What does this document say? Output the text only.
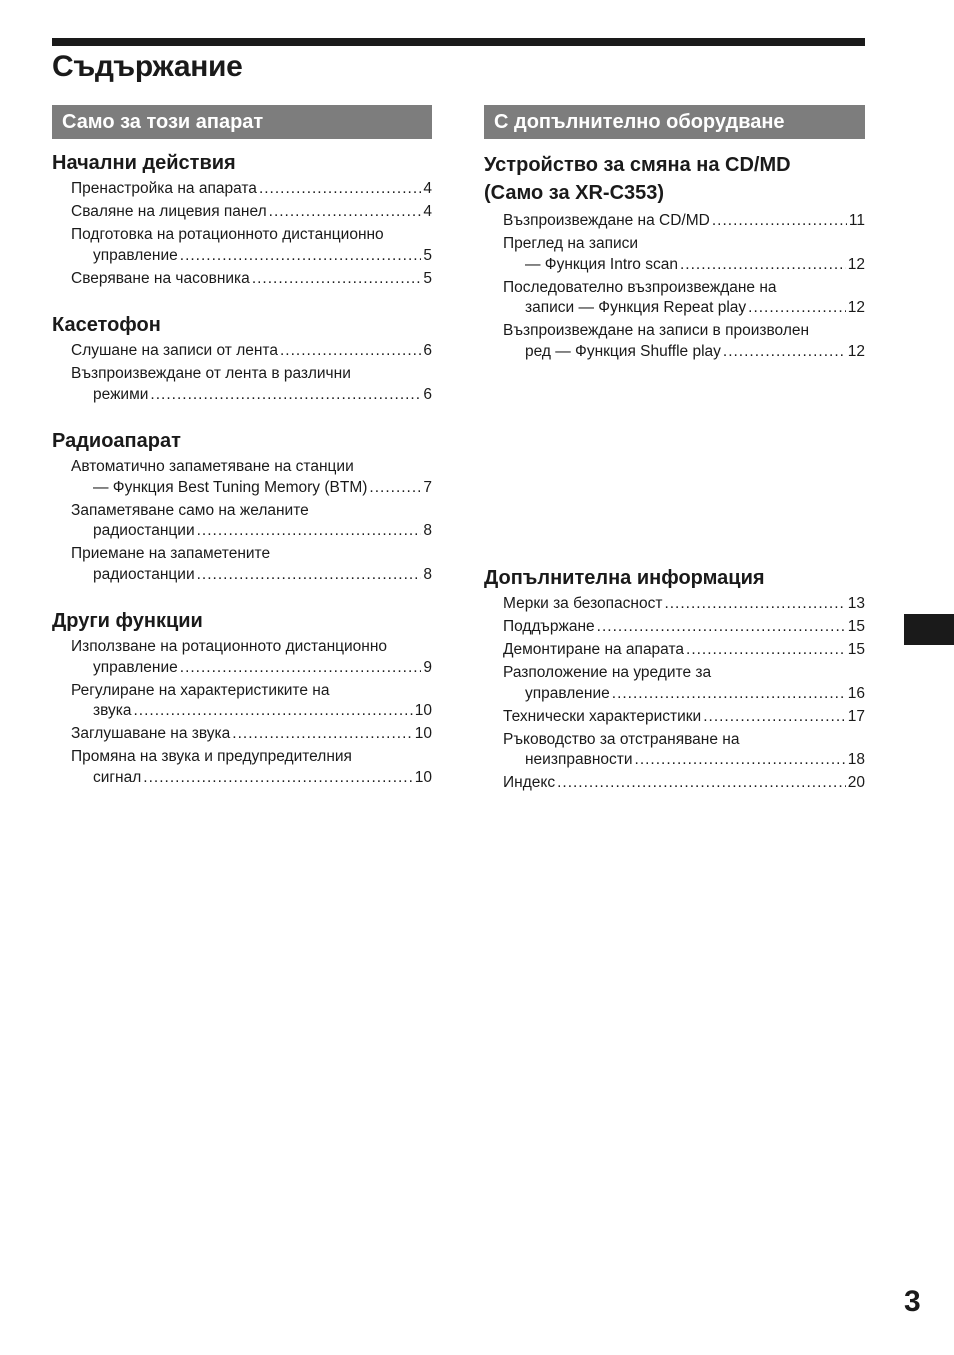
Съдържание
Само за този апарат
Начални действия
Пренастройка на апарата .....	4
Сваляне на лицевия панел .....	4
Подготовка на ротационното дистанционно
управление .....	5
Сверяване на часовника .....	5
Касетофон
Слушане на записи от лента .....	6
Възпроизвеждане от лента в различни
режими .....	6
Радиоапарат
Автоматично запаметяване на станции
— Функция Best Tuning Memory (BTM) .....	7
Запаметяване само на желаните
радиостанции .....	8
Приемане на запаметените
радиостанции .....	8
Други функции
Използване на ротационното дистанционно
управление .....	9
Регулиране на характеристиките на
звука .....	10
Заглушаване на звука .....	10
Промяна на звука и предупредителния
сигнал .....	10
С допълнително оборудване
Устройство за смяна на CD/MD
(Само за XR-C353)
Възпроизвеждане на CD/MD .....	11
Преглед на записи
— Функция Intro scan .....	12
Последователно възпроизвеждане на
записи — Функция Repeat play .....	12
Възпроизвеждане на записи в произволен
ред — Функция Shuffle play .....	12
Допълнителна информация
Мерки за безопасност .....	13
Поддържане .....	15
Демонтиране на апарата .....	15
Разположение на уредите за
управление .....	16
Технически характеристики .....	17
Ръководство за отстраняване на
неизправности .....	18
Индекс .....	20
3
